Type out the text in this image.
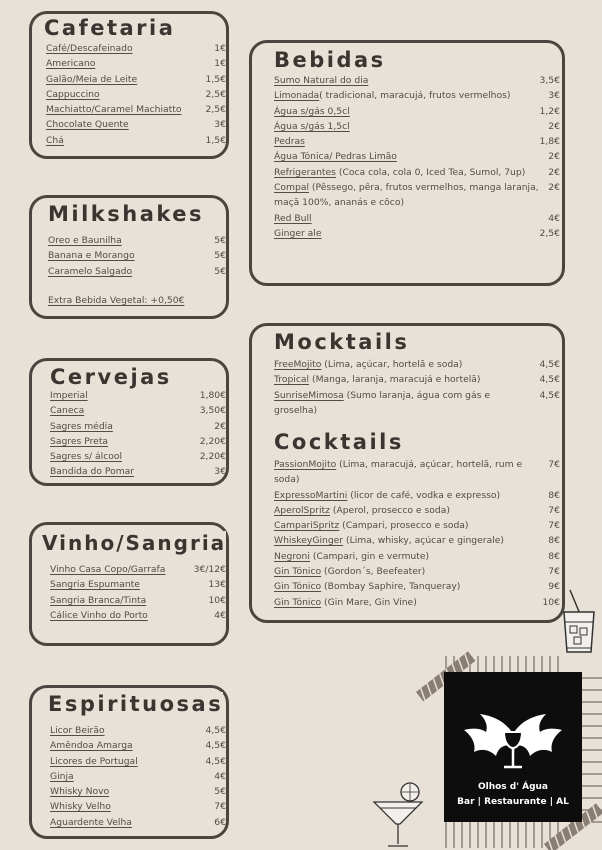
Cafetaria
Café/Descafeinado	1€
Americano	1€
Galão/Meia de Leite	1,5€
Cappuccino	2,5€
Machiatto/Caramel Machiatto	2,5€
Chocolate Quente	3€
Chá	1,5€
Milkshakes
Oreo e Baunilha	5€
Banana e Morango	5€
Caramelo Salgado	5€
Extra Bebida Vegetal: +0,50€
Cervejas
Imperial	1,80€
Caneca	3,50€
Sagres média	2€
Sagres Preta	2,20€
Sagres s/ álcool	2,20€
Bandida do Pomar	3€
Vinho/Sangria
Vinho Casa Copo/Garrafa	3€/12€
Sangria Espumante	13€
Sangria Branca/Tinta	10€
Cálice Vinho do Porto	4€
Espirituosas
Licor Beirão	4,5€
Amêndoa Amarga	4,5€
Licores de Portugal	4,5€
Ginja	4€
Whisky Novo	5€
Whisky Velho	7€
Aguardente Velha	6€
Bebidas
Sumo Natural do dia	3,5€
Limonada( tradicional, maracujá, frutos vermelhos)	3€
Água s/gás 0,5cl	1,2€
Água s/gás 1,5cl	2€
Pedras	1,8€
Água Tónica/ Pedras Limão	2€
Refrigerantes (Coca cola, cola 0, Iced Tea, Sumol, 7up)	2€
Compal (Pêssego, pêra, frutos vermelhos, manga laranja, maçã 100%, ananás e côco)
2€
Red Bull	4€
Ginger ale	2,5€
Mocktails
FreeMojito (Lima, açúcar, hortelã e soda)	4,5€
Tropical (Manga, laranja, maracujá e hortelã)	4,5€
SunriseMimosa (Sumo laranja, água com gás e groselha)
4,5€
Cocktails
PassionMojito (Lima, maracujá, açúcar, hortelã, rum e soda)
7€
ExpressoMartini (licor de café, vodka e expresso)	8€
AperolSpritz (Aperol, prosecco e soda)	7€
CampariSpritz (Campari, prosecco e soda)	7€
WhiskeyGinger (Lima, whisky, açúcar e gingerale)	8€
Negroni (Campari, gin e vermute)	8€
Gin Tónico (Gordon´s, Beefeater)	7€
Gin Tónico (Bombay Saphire, Tanqueray)	9€
Gin Tónico (Gin Mare, Gin Vine)	10€
Olhos d' Água
Bar | Restaurante | AL
